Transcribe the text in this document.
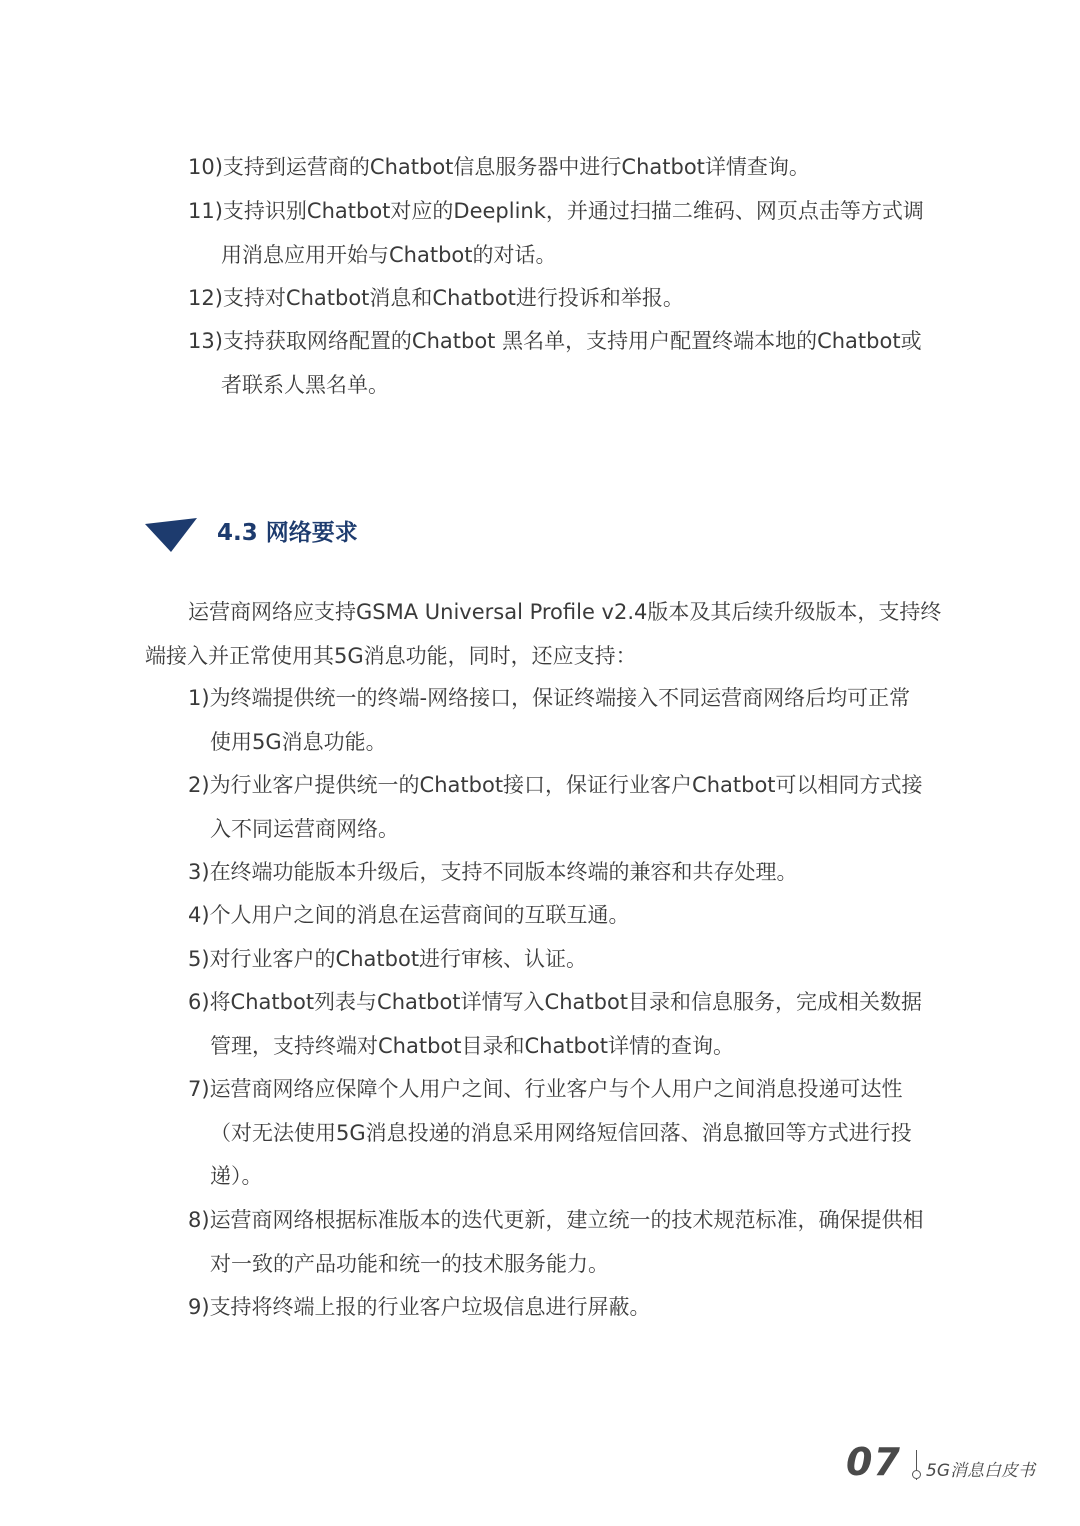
10)支持到运营商的Chatbot信息服务器中进行Chatbot详情查询。
11)支持识别Chatbot对应的Deeplink，并通过扫描二维码、网页点击等方式调
用消息应用开始与Chatbot的对话。
12)支持对Chatbot消息和Chatbot进行投诉和举报。
13)支持获取网络配置的Chatbot 黑名单，支持用户配置终端本地的Chatbot或
者联系人黑名单。
4.3 网络要求
运营商网络应支持GSMA Universal Profile v2.4版本及其后续升级版本，支持终
端接入并正常使用其5G消息功能，同时，还应支持：
1)为终端提供统一的终端-网络接口，保证终端接入不同运营商网络后均可正常
使用5G消息功能。
2)为行业客户提供统一的Chatbot接口，保证行业客户Chatbot可以相同方式接
入不同运营商网络。
3)在终端功能版本升级后，支持不同版本终端的兼容和共存处理。
4)个人用户之间的消息在运营商间的互联互通。
5)对行业客户的Chatbot进行审核、认证。
6)将Chatbot列表与Chatbot详情写入Chatbot目录和信息服务，完成相关数据
管理，支持终端对Chatbot目录和Chatbot详情的查询。
7)运营商网络应保障个人用户之间、行业客户与个人用户之间消息投递可达性
（对无法使用5G消息投递的消息采用网络短信回落、消息撤回等方式进行投
递）。
8)运营商网络根据标准版本的迭代更新，建立统一的技术规范标准，确保提供相
对一致的产品功能和统一的技术服务能力。
9)支持将终端上报的行业客户垃圾信息进行屏蔽。
07 5G消息白皮书
